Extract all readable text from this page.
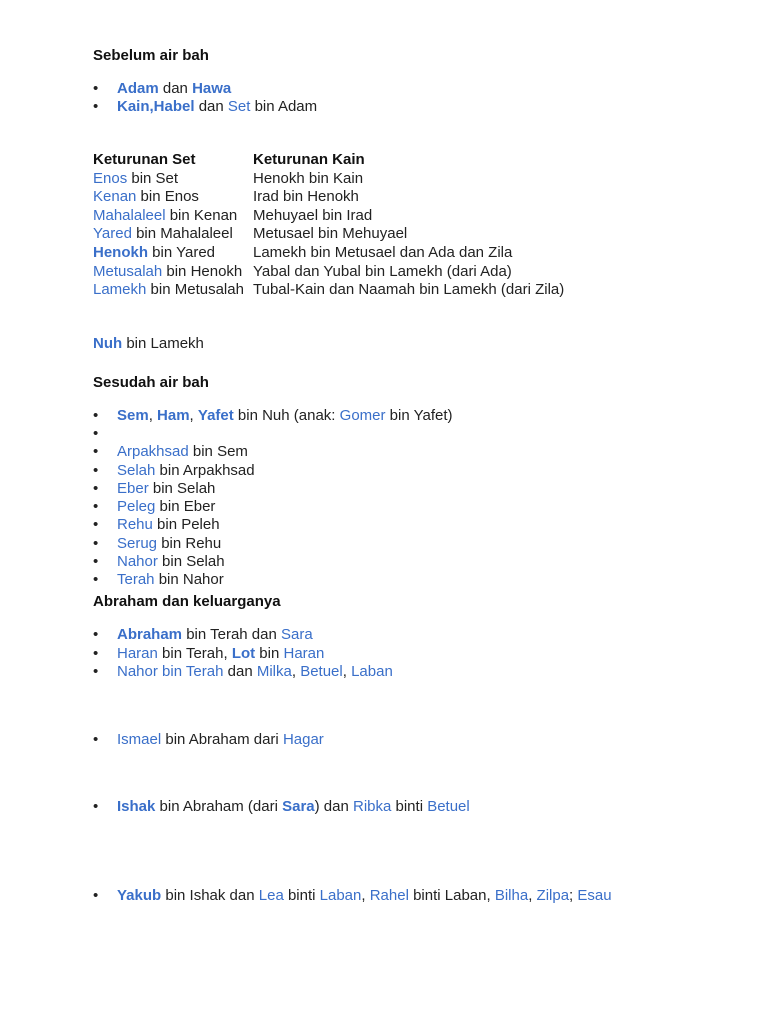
Sebelum air bah
• Adam dan Hawa
• Kain,Habel dan Set bin Adam
Keturunan Set
Enos bin Set
Kenan bin Enos
Mahalaleel bin Kenan
Yared bin Mahalaleel
Henokh bin Yared
Metusalah bin Henokh
Lamekh bin Metusalah
Keturunan Kain
Henokh bin Kain
Irad bin Henokh
Mehuyael bin Irad
Metusael bin Mehuyael
Lamekh bin Metusael dan Ada dan Zila
Yabal dan Yubal bin Lamekh (dari Ada)
Tubal-Kain dan Naamah bin Lamekh (dari Zila)
Nuh bin Lamekh
Sesudah air bah
• Sem, Ham, Yafet bin Nuh (anak: Gomer bin Yafet)
• Arpakhsad bin Sem
• Selah bin Arpakhsad
• Eber bin Selah
• Peleg bin Eber
• Rehu bin Peleh
• Serug bin Rehu
• Nahor bin Selah
• Terah bin Nahor
Abraham dan keluarganya
• Abraham bin Terah dan Sara
• Haran bin Terah, Lot bin Haran
• Nahor bin Terah dan Milka, Betuel, Laban
• Ismael bin Abraham dari Hagar
• Ishak bin Abraham (dari Sara) dan Ribka binti Betuel
• Yakub bin Ishak dan Lea binti Laban, Rahel binti Laban, Bilha, Zilpa; Esau
